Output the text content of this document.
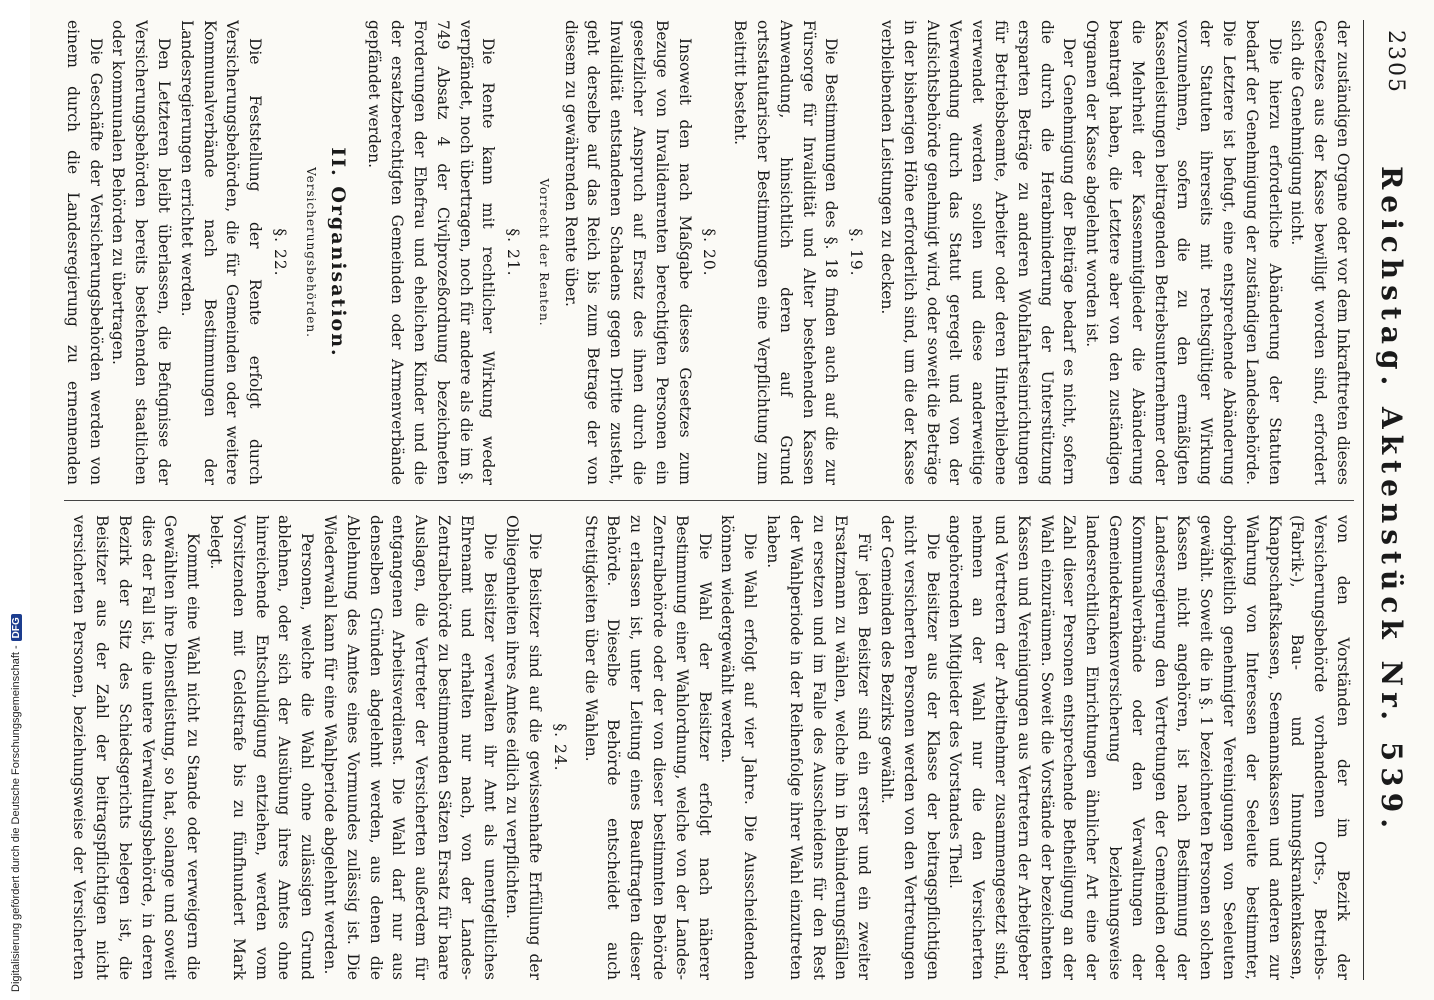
Digitalisierung gefördert durch die Deutsche Forschungsgemeinschaft -DFG
2305
Reichstag. Aktenstück Nr. 539.

der zuständigen Organe oder vor dem Inkrafttreten dieses Gesetzes aus der Kasse bewilligt worden sind, erfordert sich die Genehmigung nicht.

Die hierzu erforderliche Abänderung der Statuten bedarf der Genehmigung der zuständigen Landesbehörde. Die Letztere ist befugt, eine entsprechende Abänderung der Statuten ihrerseits mit rechtsgültiger Wirkung vorzunehmen, sofern die zu den ermäßigten Kassenleistungen beitragenden Betriebsunternehmer oder die Mehrheit der Kassenmitglieder die Abänderung beantragt haben, die Letztere aber von den zuständigen Organen der Kasse abgelehnt worden ist.

Der Genehmigung der Beiträge bedarf es nicht, sofern die durch die Herabminderung der Unterstützung ersparten Beträge zu anderen Wohlfahrtseinrichtungen für Betriebsbeamte, Arbeiter oder deren Hinterbliebene verwendet werden sollen und diese anderweitige Verwendung durch das Statut geregelt und von der Aufsichtsbehörde genehmigt wird, oder soweit die Beträge in der bisherigen Höhe erforderlich sind, um die der Kasse verbleibenden Leistungen zu decken.

§. 19.

Die Bestimmungen des §. 18 finden auch auf die zur Fürsorge für Invalidität und Alter bestehenden Kassen Anwendung, hinsichtlich deren auf Grund ortsstatutarischer Bestimmungen eine Verpflichtung zum Beitritt besteht.

§. 20.

Insoweit den nach Maßgabe dieses Gesetzes zum Bezuge von Invalidenrenten berechtigten Personen ein gesetzlicher Anspruch auf Ersatz des ihnen durch die Invalidität entstandenen Schadens gegen Dritte zusteht, geht derselbe auf das Reich bis zum Betrage der von diesem zu gewährenden Rente über.

Vorrecht der Renten.
§. 21.

Die Rente kann mit rechtlicher Wirkung weder verpfändet, noch übertragen, noch für andere als die im §. 749 Absatz 4 der Civilprozeßordnung bezeichneten Forderungen der Ehefrau und ehelichen Kinder und die der ersatzberechtigten Gemeinden oder Armenverbände gepfändet werden.

II. Organisation.
Versicherungsbehörden.
§. 22.

Die Feststellung der Rente erfolgt durch Versicherungsbehörden, die für Gemeinden oder weitere Kommunalverbände nach Bestimmungen der Landesregierungen errichtet werden.

Den Letzteren bleibt überlassen, die Befugnisse der Versicherungsbehörden bereits bestehenden staatlichen oder kommunalen Behörden zu übertragen.

Die Geschäfte der Versicherungsbehörden werden von einem durch die Landesregierung zu ernennenden

von den Vorständen der im Bezirk der Versicherungsbehörde vorhandenen Orts-, Betriebs- (Fabrik-), Bau- und Innungskrankenkassen, Knappschaftskassen, Seemannskassen und anderen zur Wahrung von Interessen der Seeleute bestimmter, obrigkeitlich genehmigter Vereinigungen von Seeleuten gewählt. Soweit die in §. 1 bezeichneten Personen solchen Kassen nicht angehören, ist nach Bestimmung der Landesregierung den Vertretungen der Gemeinden oder Kommunalverbände oder den Verwaltungen der Gemeindekrankenversicherung beziehungsweise landesrechtlichen Einrichtungen ähnlicher Art eine der Zahl dieser Personen entsprechende Betheiligung an der Wahl einzuräumen. Soweit die Vorstände der bezeichneten Kassen und Vereinigungen aus Vertretern der Arbeitgeber und Vertretern der Arbeitnehmer zusammengesetzt sind, nehmen an der Wahl nur die den Versicherten angehörenden Mitglieder des Vorstandes Theil.

Die Beisitzer aus der Klasse der beitragspflichtigen nicht versicherten Personen werden von den Vertretungen der Gemeinden des Bezirks gewählt.

Für jeden Beisitzer sind ein erster und ein zweiter Ersatzmann zu wählen, welche ihn in Behinderungsfällen zu ersetzen und im Falle des Ausscheidens für den Rest der Wahlperiode in der Reihenfolge ihrer Wahl einzutreten haben.

Die Wahl erfolgt auf vier Jahre. Die Ausscheidenden können wiedergewählt werden.

Die Wahl der Beisitzer erfolgt nach näherer Bestimmung einer Wahlordnung, welche von der Landes-Zentralbehörde oder der von dieser bestimmten Behörde zu erlassen ist, unter Leitung eines Beauftragten dieser Behörde. Dieselbe Behörde entscheidet auch Streitigkeiten über die Wahlen.

§. 24.

Die Beisitzer sind auf die gewissenhafte Erfüllung der Obliegenheiten ihres Amtes eidlich zu verpflichten.

Die Beisitzer verwalten ihr Amt als unentgeltliches Ehrenamt und erhalten nur nach, von der Landes-Zentralbehörde zu bestimmenden Sätzen Ersatz für baare Auslagen, die Vertreter der Versicherten außerdem für entgangenen Arbeitsverdienst. Die Wahl darf nur aus denselben Gründen abgelehnt werden, aus denen die Ablehnung des Amtes eines Vormundes zulässig ist. Die Wiederwahl kann für eine Wahlperiode abgelehnt werden.

Personen, welche die Wahl ohne zulässigen Grund ablehnen, oder sich der Ausübung ihres Amtes ohne hinreichende Entschuldigung entziehen, werden vom Vorsitzenden mit Geldstrafe bis zu fünfhundert Mark belegt.

Kommt eine Wahl nicht zu Stande oder verweigern die Gewählten ihre Dienstleistung, so hat, solange und soweit dies der Fall ist, die untere Verwaltungsbehörde, in deren Bezirk der Sitz des Schiedsgerichts belegen ist, die Beisitzer aus der Zahl der beitragspflichtigen nicht versicherten Personen, beziehungsweise der Versicherten
